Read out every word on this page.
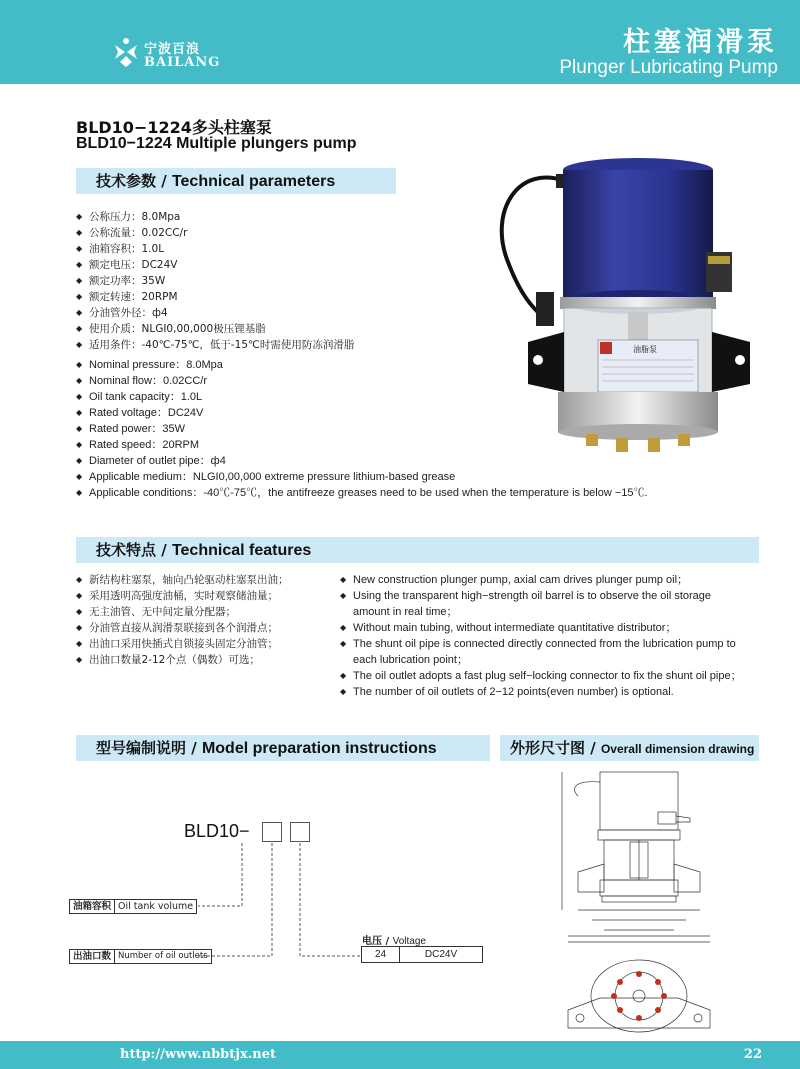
宁波百浪
BAILANG
柱塞润滑泵
Plunger Lubricating Pump
BLD10−1224多头柱塞泵
BLD10−1224 Multiple plungers pump
技术参数 / Technical parameters
◆ 公称压力：8.0Mpa
◆ 公称流量：0.02CC/r
◆ 油箱容积：1.0L
◆ 额定电压：DC24V
◆ 额定功率：35W
◆ 额定转速：20RPM
◆ 分油管外径：ф4
◆ 使用介质：NLGI0,00,000极压锂基脂
◆ 适用条件：-40℃-75℃，低于-15℃时需使用防冻润滑脂
◆ Nominal pressure：8.0Mpa
◆ Nominal flow：0.02CC/r
◆ Oil tank capacity：1.0L
◆ Rated voltage：DC24V
◆ Rated power：35W
◆ Rated speed：20RPM
◆ Diameter of outlet pipe：ф4
◆ Applicable medium：NLGI0,00,000 extreme pressure lithium-based grease
◆ Applicable conditions：-40℃-75℃，the antifreeze greases need to be used when the temperature is below −15℃.
油脂泵
技术特点 / Technical features
◆ 新结构柱塞泵，轴向凸轮驱动柱塞泵出油；
◆ 采用透明高强度油桶，实时观察储油量；
◆ 无主油管、无中间定量分配器；
◆ 分油管直接从润滑泵联接到各个润滑点；
◆ 出油口采用快插式自锁接头固定分油管；
◆ 出油口数量2-12个点（偶数）可选；
◆ New construction plunger pump, axial cam drives plunger pump oil；
◆ Using the transparent high−strength oil barrel is to observe the oil storage
amount in real time；
◆ Without main tubing, without intermediate quantitative distributor；
◆ The shunt oil pipe is connected directly connected from the lubrication pump to
each lubrication point；
◆ The oil outlet adopts a fast plug self−locking connector to fix the shunt oil pipe；
◆ The number of oil outlets of 2−12 points(even number) is optional.
型号编制说明 / Model preparation instructions	外形尺寸图 / Overall dimension drawing
BLD10−
油箱容积 Oil tank volume
出油口数 Number of oil outlets
电压 / Voltage
24	DC24V
http://www.nbbtjx.net	22
